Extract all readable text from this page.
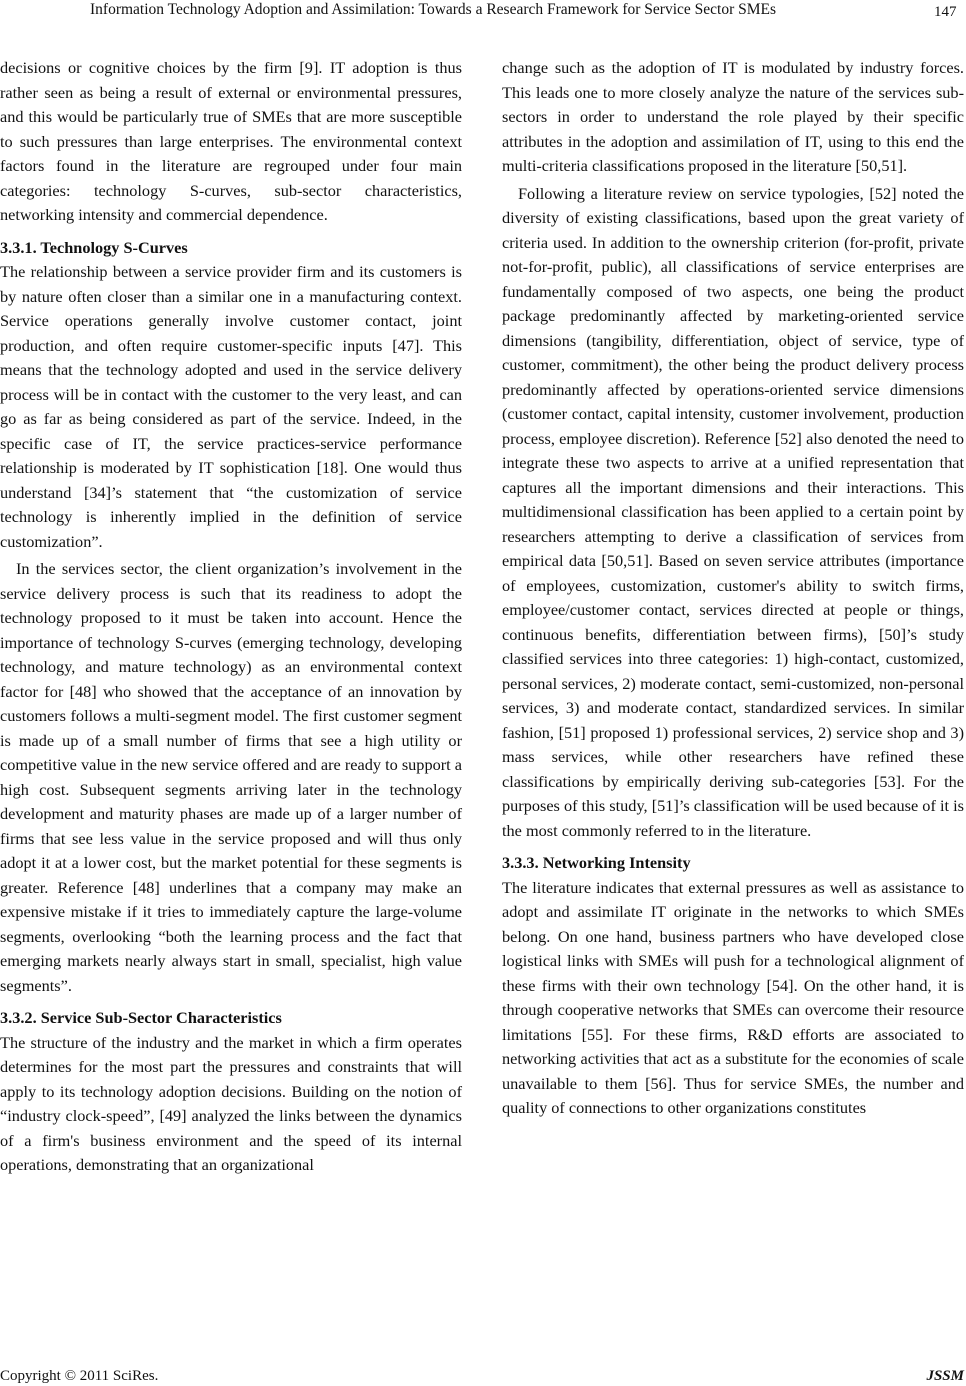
Information Technology Adoption and Assimilation: Towards a Research Framework for Service Sector SMEs	147

decisions or cognitive choices by the firm [9]. IT adoption is thus rather seen as being a result of external or environmental pressures, and this would be particularly true of SMEs that are more susceptible to such pressures than large enterprises. The environmental context factors found in the literature are regrouped under four main categories: technology S-curves, sub-sector characteristics, networking intensity and commercial dependence.

3.3.1. Technology S-Curves

The relationship between a service provider firm and its customers is by nature often closer than a similar one in a manufacturing context. Service operations generally involve customer contact, joint production, and often require customer-specific inputs [47]. This means that the technology adopted and used in the service delivery process will be in contact with the customer to the very least, and can go as far as being considered as part of the service. Indeed, in the specific case of IT, the service practices-service performance relationship is moderated by IT sophistication [18]. One would thus understand [34]’s statement that “the customization of service technology is inherently implied in the definition of service customization”.

In the services sector, the client organization’s involvement in the service delivery process is such that its readiness to adopt the technology proposed to it must be taken into account. Hence the importance of technology S-curves (emerging technology, developing technology, and mature technology) as an environmental context factor for [48] who showed that the acceptance of an innovation by customers follows a multi-segment model. The first customer segment is made up of a small number of firms that see a high utility or competitive value in the new service offered and are ready to support a high cost. Subsequent segments arriving later in the technology development and maturity phases are made up of a larger number of firms that see less value in the service proposed and will thus only adopt it at a lower cost, but the market potential for these segments is greater. Reference [48] underlines that a company may make an expensive mistake if it tries to immediately capture the large-volume segments, overlooking “both the learning process and the fact that emerging markets nearly always start in small, specialist, high value segments”.

3.3.2. Service Sub-Sector Characteristics

The structure of the industry and the market in which a firm operates determines for the most part the pressures and constraints that will apply to its technology adoption decisions. Building on the notion of “industry clock-speed”, [49] analyzed the links between the dynamics of a firm's business environment and the speed of its internal operations, demonstrating that an organizational

change such as the adoption of IT is modulated by industry forces. This leads one to more closely analyze the nature of the services sub-sectors in order to understand the role played by their specific attributes in the adoption and assimilation of IT, using to this end the multi-criteria classifications proposed in the literature [50,51].

Following a literature review on service typologies, [52] noted the diversity of existing classifications, based upon the great variety of criteria used. In addition to the ownership criterion (for-profit, private not-for-profit, public), all classifications of service enterprises are fundamentally composed of two aspects, one being the product package predominantly affected by marketing-oriented service dimensions (tangibility, differentiation, object of service, type of customer, commitment), the other being the product delivery process predominantly affected by operations-oriented service dimensions (customer contact, capital intensity, customer involvement, production process, employee discretion). Reference [52] also denoted the need to integrate these two aspects to arrive at a unified representation that captures all the important dimensions and their interactions. This multidimensional classification has been applied to a certain point by researchers attempting to derive a classification of services from empirical data [50,51]. Based on seven service attributes (importance of employees, customization, customer's ability to switch firms, employee/customer contact, services directed at people or things, continuous benefits, differentiation between firms), [50]’s study classified services into three categories: 1) high-contact, customized, personal services, 2) moderate contact, semi-customized, non-personal services, 3) and moderate contact, standardized services. In similar fashion, [51] proposed 1) professional services, 2) service shop and 3) mass services, while other researchers have refined these classifications by empirically deriving sub-categories [53]. For the purposes of this study, [51]’s classification will be used because of it is the most commonly referred to in the literature.

3.3.3. Networking Intensity

The literature indicates that external pressures as well as assistance to adopt and assimilate IT originate in the networks to which SMEs belong. On one hand, business partners who have developed close logistical links with SMEs will push for a technological alignment of these firms with their own technology [54]. On the other hand, it is through cooperative networks that SMEs can overcome their resource limitations [55]. For these firms, R&D efforts are associated to networking activities that act as a substitute for the economies of scale unavailable to them [56]. Thus for service SMEs, the number and quality of connections to other organizations constitutes

Copyright © 2011 SciRes.	JSSM
